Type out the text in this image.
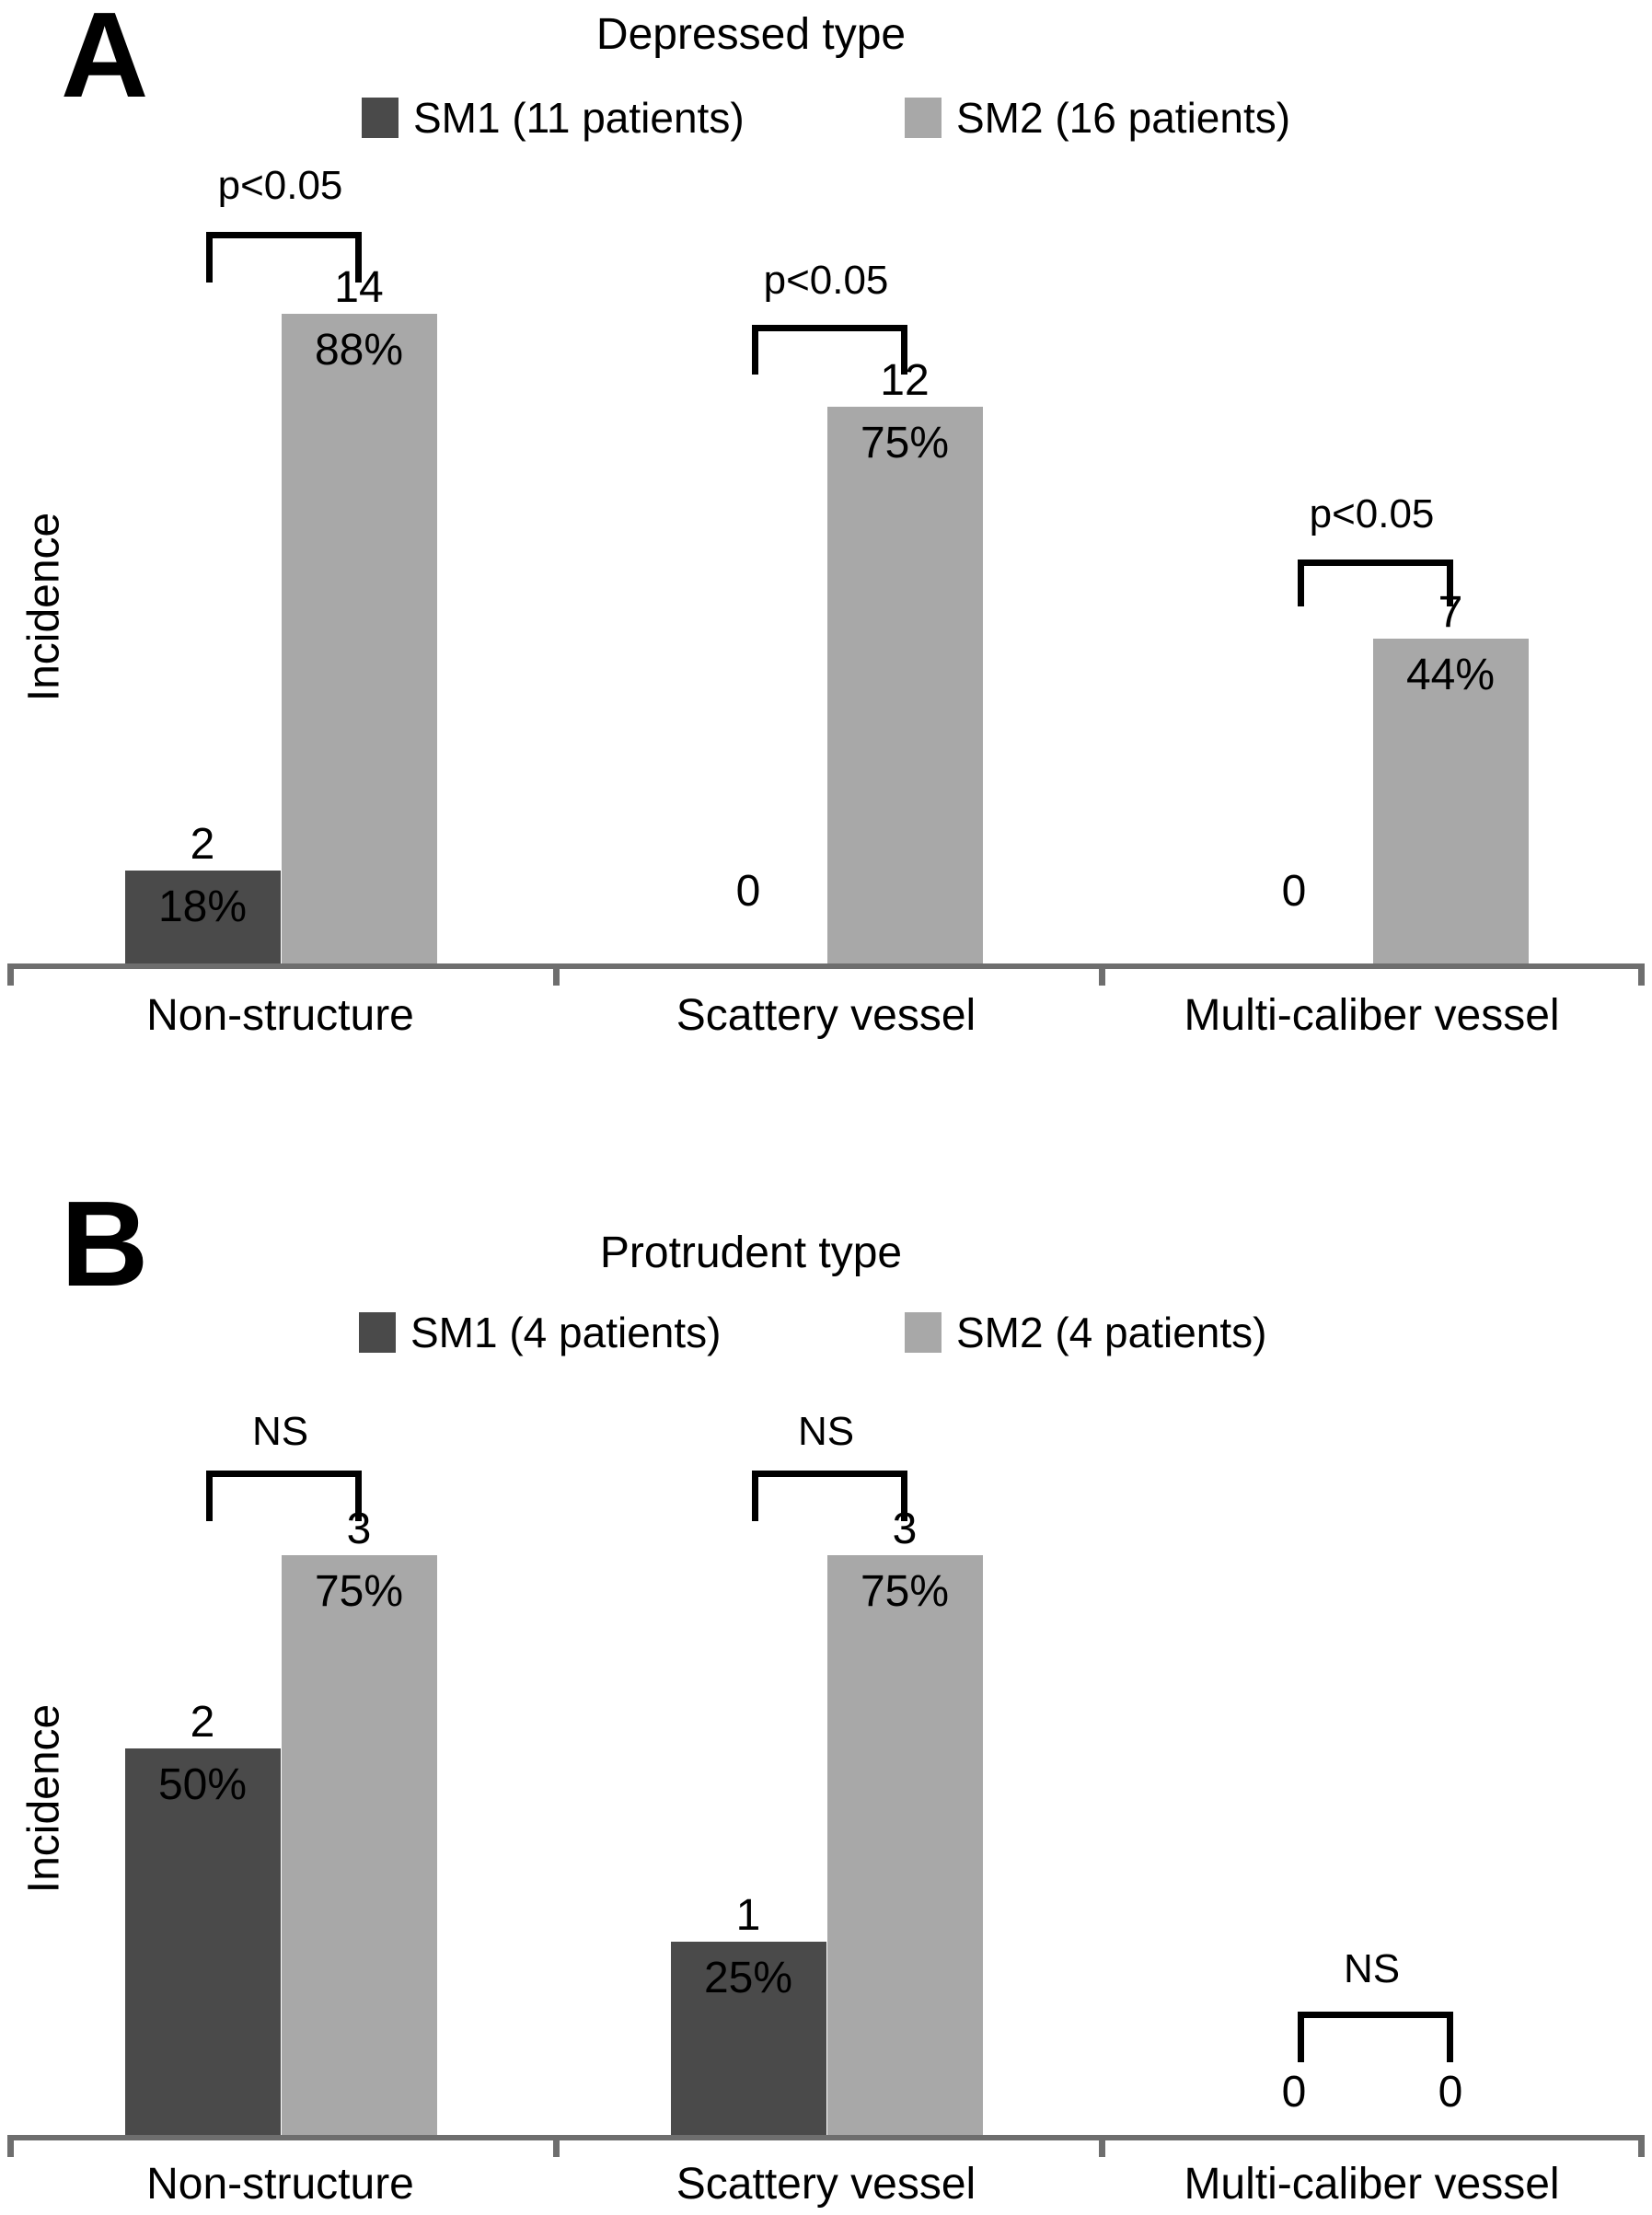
A	Depressed type
SM1 (11 patients)	SM2 (16 patients)
Incidence
Non-structure
p<0.05
2
18%
14
88%
Scattery vessel
p<0.05
0
12
75%
Multi-caliber vessel
p<0.05
0
7
44%
B	Protrudent type
SM1 (4 patients)	SM2 (4 patients)
Incidence
Non-structure
NS
2
50%
3
75%
Scattery vessel
NS
1
25%
3
75%
Multi-caliber vessel
NS
0	0
